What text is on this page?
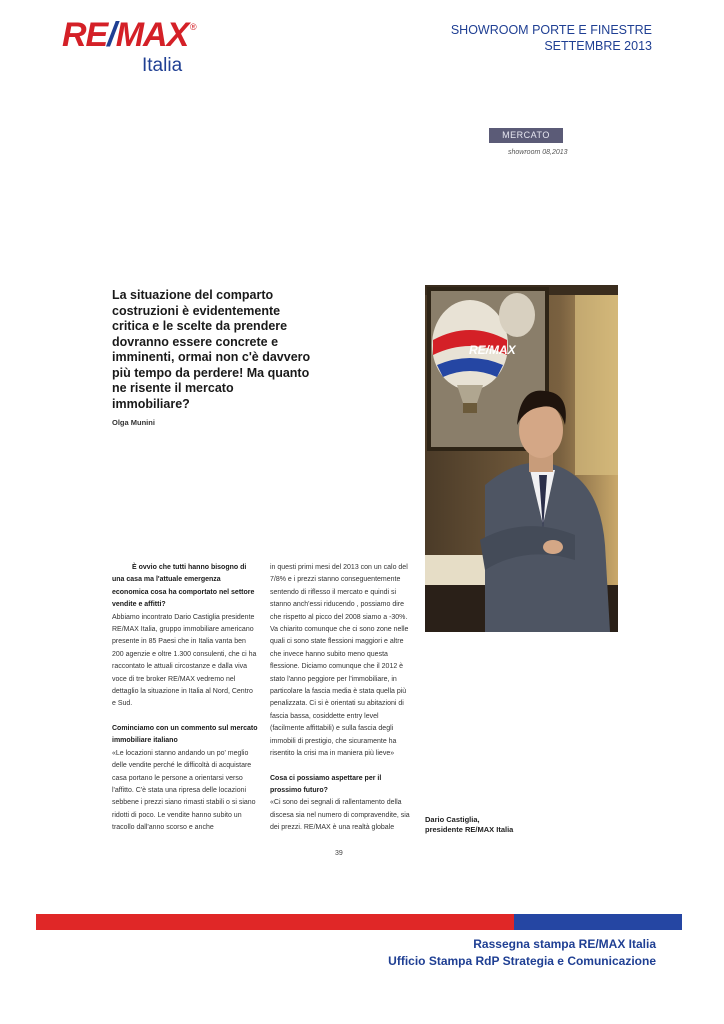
RE/MAX ®
Italia
SHOWROOM PORTE E FINESTRE
SETTEMBRE 2013
MERCATO
showroom 08,2013
La situazione del comparto costruzioni è evidentemente critica e le scelte da prendere dovranno essere concrete e imminenti, ormai non c'è davvero più tempo da perdere! Ma quanto ne risente il mercato immobiliare?
Olga Munini
RE/MAX

È ovvio che tutti hanno bisogno di una casa ma l'attuale emergenza economica cosa ha comportato nel settore vendite e affitti?

Abbiamo incontrato Dario Castiglia presidente RE/MAX Italia, gruppo immobiliare americano presente in 85 Paesi che in Italia vanta ben 200 agenzie e oltre 1.300 consulenti, che ci ha raccontato le attuali circostanze e dalla viva voce di tre broker RE/MAX vedremo nel dettaglio la situazione in Italia al Nord, Centro e Sud.

Cominciamo con un commento sul mercato immobiliare italiano

«Le locazioni stanno andando un po' meglio delle vendite perché le difficoltà di acquistare casa portano le persone a orientarsi verso l'affitto. C'è stata una ripresa delle locazioni sebbene i prezzi siano rimasti stabili o si siano ridotti di poco. Le vendite hanno subito un tracollo dall'anno scorso e anche

in questi primi mesi del 2013 con un calo del 7/8% e i prezzi stanno conseguentemente sentendo di riflesso il mercato e quindi si stanno anch'essi riducendo , possiamo dire che rispetto al picco del 2008 siamo a -30%. Va chiarito comunque che ci sono zone nelle quali ci sono state flessioni maggiori e altre che invece hanno subito meno questa flessione. Diciamo comunque che il 2012 è stato l'anno peggiore per l'immobiliare, in particolare la fascia media è stata quella più penalizzata. Ci si è orientati su abitazioni di fascia bassa, cosiddette entry level (facilmente affittabili) e sulla fascia degli immobili di prestigio, che sicuramente ha risentito la crisi ma in maniera più lieve»

Cosa ci possiamo aspettare per il prossimo futuro?

«Ci sono dei segnali di rallentamento della discesa sia nel numero di compravendite, sia dei prezzi. RE/MAX è una realtà globale

Dario Castiglia,
presidente RE/MAX Italia
39
Rassegna stampa RE/MAX Italia
Ufficio Stampa RdP Strategia e Comunicazione
